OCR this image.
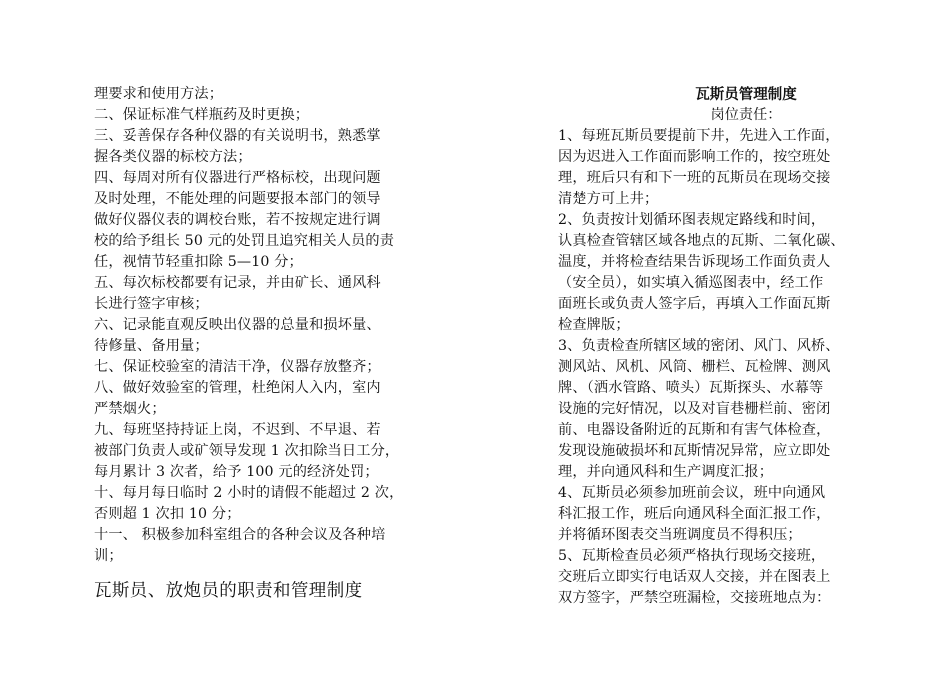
理要求和使用方法；
二、保证标准气样瓶药及时更换；
三、妥善保存各种仪器的有关说明书，熟悉掌
握各类仪器的标校方法；
四、每周对所有仪器进行严格标校，出现问题
及时处理，不能处理的问题要报本部门的领导
做好仪器仪表的调校台账，若不按规定进行调
校的给予组长 50 元的处罚且追究相关人员的责
任，视情节轻重扣除 5—10 分；
五、每次标校都要有记录，并由矿长、通风科
长进行签字审核；
六、记录能直观反映出仪器的总量和损坏量、
待修量、备用量；
七、保证校验室的清洁干净，仪器存放整齐；
八、做好效验室的管理，杜绝闲人入内，室内
严禁烟火；
九、每班坚持持证上岗，不迟到、不早退、若
被部门负责人或矿领导发现 1 次扣除当日工分，
每月累计 3 次者，给予 100 元的经济处罚；
十、每月每日临时 2 小时的请假不能超过 2 次，
否则超 1 次扣 10 分；
十一、 积极参加科室组合的各种会议及各种培
训；
瓦斯员、放炮员的职责和管理制度
瓦斯员管理制度
岗位责任：
1、每班瓦斯员要提前下井，先进入工作面，
因为迟进入工作面而影响工作的，按空班处
理，班后只有和下一班的瓦斯员在现场交接
清楚方可上井；
2、负责按计划循环图表规定路线和时间，
认真检查管辖区域各地点的瓦斯、二氧化碳、
温度，并将检查结果告诉现场工作面负责人
（安全员），如实填入循巡图表中，经工作
面班长或负责人签字后，再填入工作面瓦斯
检查牌版；
3、负责检查所辖区域的密闭、风门、风桥、
测风站、风机、风筒、栅栏、瓦检牌、测风
牌、（洒水管路、喷头）瓦斯探头、水幕等
设施的完好情况，以及对盲巷栅栏前、密闭
前、电器设备附近的瓦斯和有害气体检查，
发现设施破损坏和瓦斯情况异常，应立即处
理，并向通风科和生产调度汇报；
4、瓦斯员必须参加班前会议，班中向通风
科汇报工作，班后向通风科全面汇报工作，
并将循环图表交当班调度员不得积压；
5、瓦斯检查员必须严格执行现场交接班，
交班后立即实行电话双人交接，并在图表上
双方签字，严禁空班漏检，交接班地点为：
